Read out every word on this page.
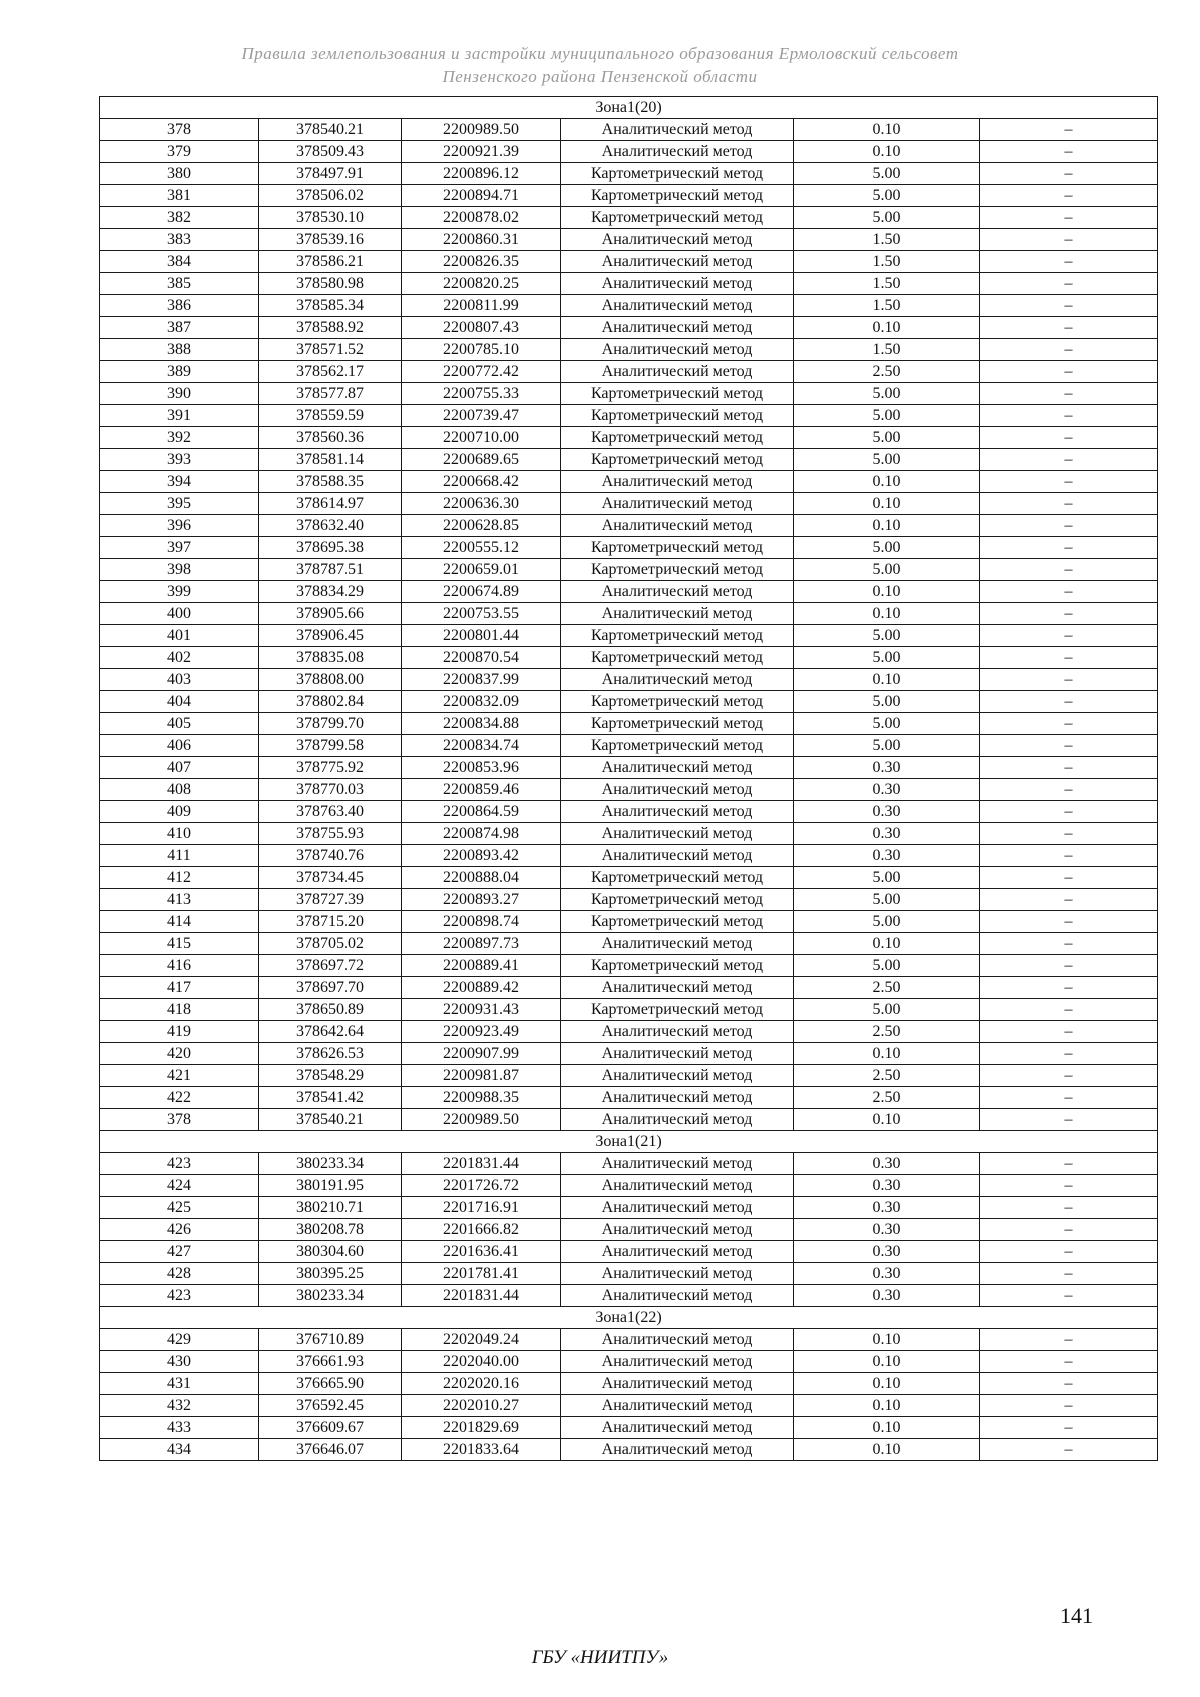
Правила землепользования и застройки муниципального образования Ермоловский сельсовет
Пензенского района Пензенской области
Зона1(20)					
378	378540.21	2200989.50	Аналитический метод	0.10	–
379	378509.43	2200921.39	Аналитический метод	0.10	–
380	378497.91	2200896.12	Картометрический метод	5.00	–
381	378506.02	2200894.71	Картометрический метод	5.00	–
382	378530.10	2200878.02	Картометрический метод	5.00	–
383	378539.16	2200860.31	Аналитический метод	1.50	–
384	378586.21	2200826.35	Аналитический метод	1.50	–
385	378580.98	2200820.25	Аналитический метод	1.50	–
386	378585.34	2200811.99	Аналитический метод	1.50	–
387	378588.92	2200807.43	Аналитический метод	0.10	–
388	378571.52	2200785.10	Аналитический метод	1.50	–
389	378562.17	2200772.42	Аналитический метод	2.50	–
390	378577.87	2200755.33	Картометрический метод	5.00	–
391	378559.59	2200739.47	Картометрический метод	5.00	–
392	378560.36	2200710.00	Картометрический метод	5.00	–
393	378581.14	2200689.65	Картометрический метод	5.00	–
394	378588.35	2200668.42	Аналитический метод	0.10	–
395	378614.97	2200636.30	Аналитический метод	0.10	–
396	378632.40	2200628.85	Аналитический метод	0.10	–
397	378695.38	2200555.12	Картометрический метод	5.00	–
398	378787.51	2200659.01	Картометрический метод	5.00	–
399	378834.29	2200674.89	Аналитический метод	0.10	–
400	378905.66	2200753.55	Аналитический метод	0.10	–
401	378906.45	2200801.44	Картометрический метод	5.00	–
402	378835.08	2200870.54	Картометрический метод	5.00	–
403	378808.00	2200837.99	Аналитический метод	0.10	–
404	378802.84	2200832.09	Картометрический метод	5.00	–
405	378799.70	2200834.88	Картометрический метод	5.00	–
406	378799.58	2200834.74	Картометрический метод	5.00	–
407	378775.92	2200853.96	Аналитический метод	0.30	–
408	378770.03	2200859.46	Аналитический метод	0.30	–
409	378763.40	2200864.59	Аналитический метод	0.30	–
410	378755.93	2200874.98	Аналитический метод	0.30	–
411	378740.76	2200893.42	Аналитический метод	0.30	–
412	378734.45	2200888.04	Картометрический метод	5.00	–
413	378727.39	2200893.27	Картометрический метод	5.00	–
414	378715.20	2200898.74	Картометрический метод	5.00	–
415	378705.02	2200897.73	Аналитический метод	0.10	–
416	378697.72	2200889.41	Картометрический метод	5.00	–
417	378697.70	2200889.42	Аналитический метод	2.50	–
418	378650.89	2200931.43	Картометрический метод	5.00	–
419	378642.64	2200923.49	Аналитический метод	2.50	–
420	378626.53	2200907.99	Аналитический метод	0.10	–
421	378548.29	2200981.87	Аналитический метод	2.50	–
422	378541.42	2200988.35	Аналитический метод	2.50	–
378	378540.21	2200989.50	Аналитический метод	0.10	–
Зона1(21)					
423	380233.34	2201831.44	Аналитический метод	0.30	–
424	380191.95	2201726.72	Аналитический метод	0.30	–
425	380210.71	2201716.91	Аналитический метод	0.30	–
426	380208.78	2201666.82	Аналитический метод	0.30	–
427	380304.60	2201636.41	Аналитический метод	0.30	–
428	380395.25	2201781.41	Аналитический метод	0.30	–
423	380233.34	2201831.44	Аналитический метод	0.30	–
Зона1(22)					
429	376710.89	2202049.24	Аналитический метод	0.10	–
430	376661.93	2202040.00	Аналитический метод	0.10	–
431	376665.90	2202020.16	Аналитический метод	0.10	–
432	376592.45	2202010.27	Аналитический метод	0.10	–
433	376609.67	2201829.69	Аналитический метод	0.10	–
434	376646.07	2201833.64	Аналитический метод	0.10	–
141
ГБУ «НИИТПУ»
